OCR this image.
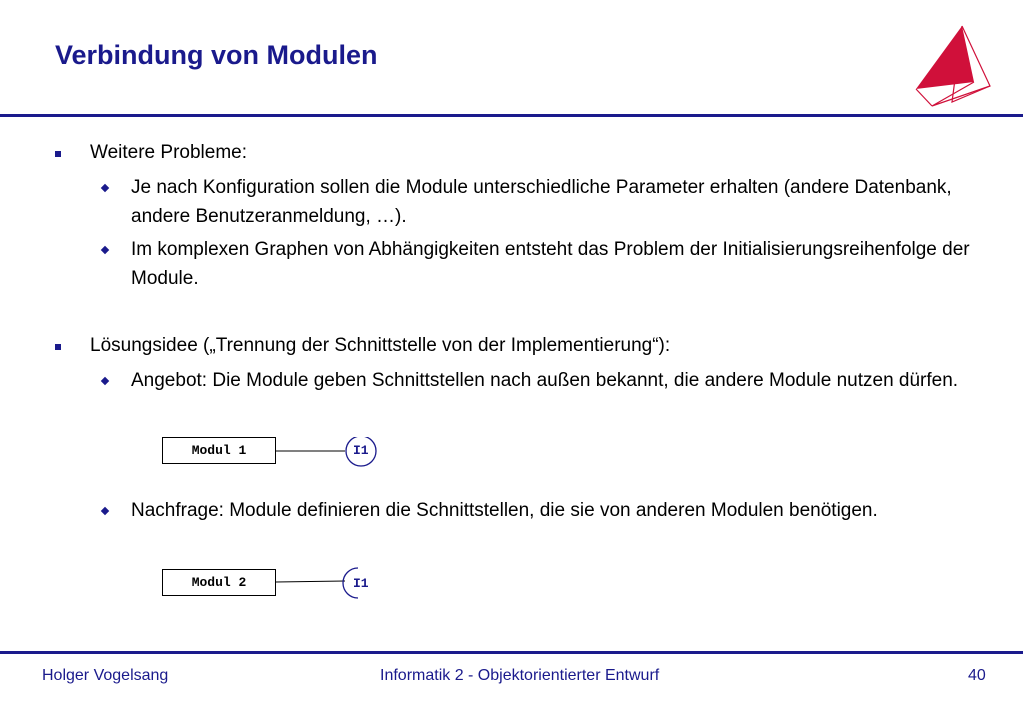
Verbindung von Modulen
Weitere Probleme:
Je nach Konfiguration sollen die Module unterschiedliche Parameter erhalten (andere Datenbank, andere Benutzeranmeldung, …).
Im komplexen Graphen von Abhängigkeiten entsteht das Problem der Initialisierungsreihenfolge der Module.
Lösungsidee („Trennung der Schnittstelle von der Implementierung“):
Angebot: Die Module geben Schnittstellen nach außen bekannt, die andere Module nutzen dürfen.
Modul 1	I1
Nachfrage: Module definieren die Schnittstellen, die sie von anderen Modulen benötigen.
Modul 2	I1
Holger Vogelsang	Informatik 2 - Objektorientierter Entwurf	40
